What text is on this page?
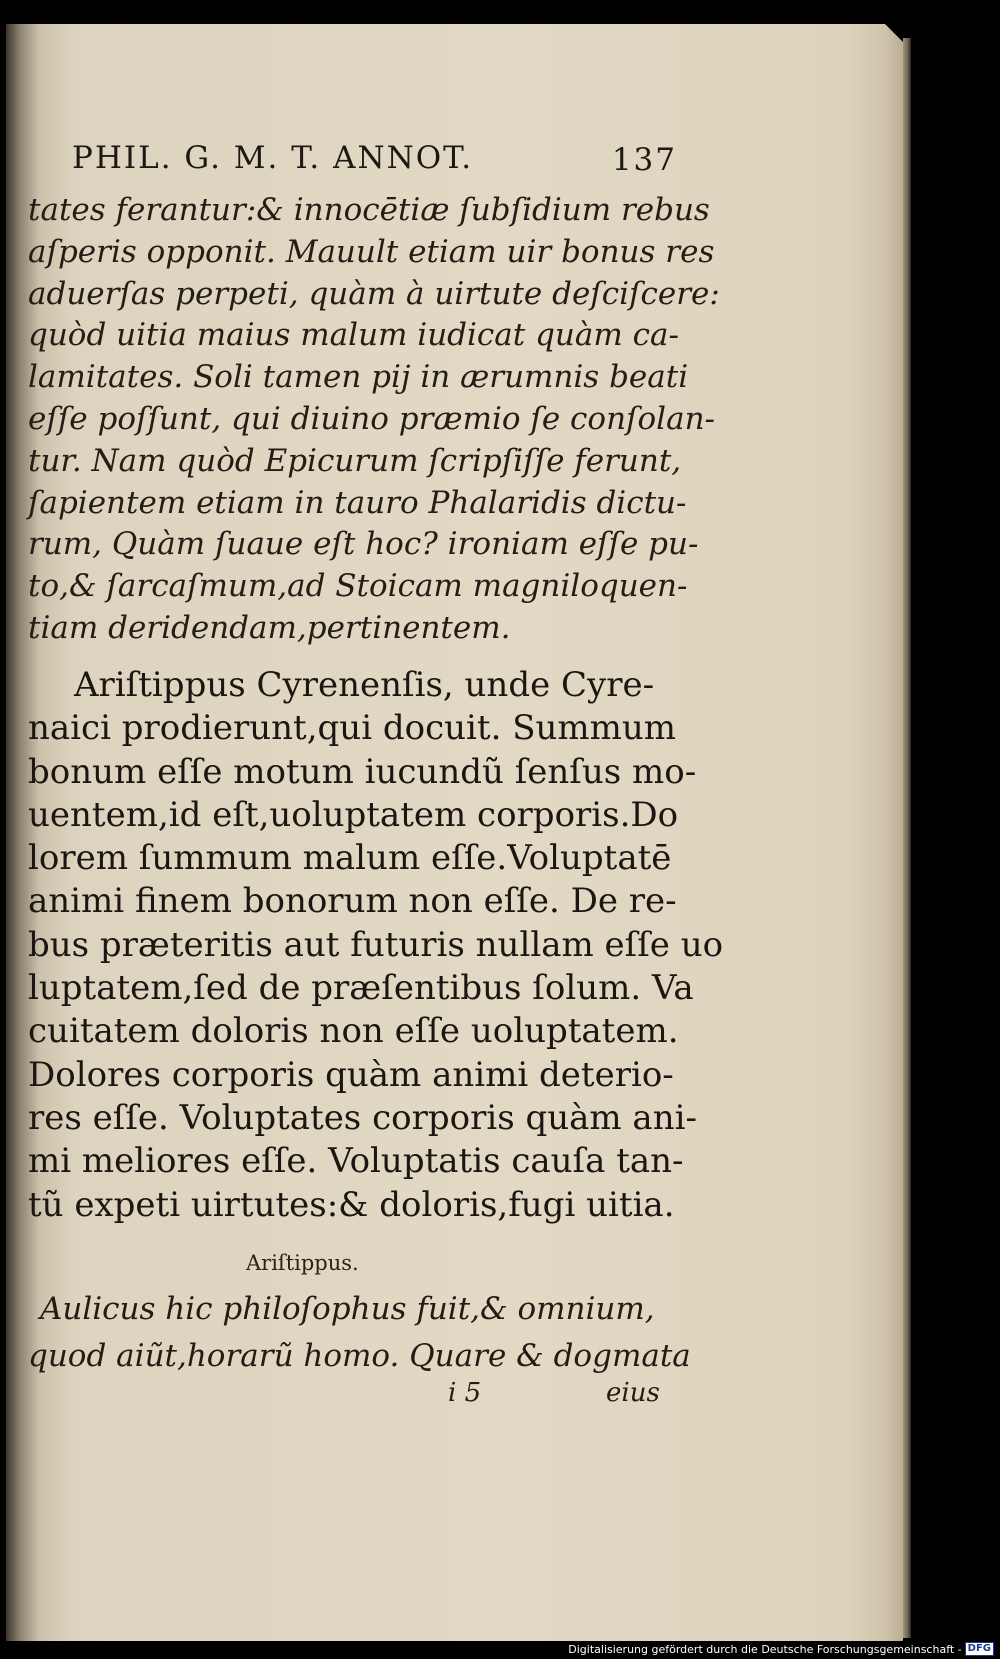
PHIL. G. M. T. ANNOT.	137
tates ferantur:& innocētiæ ſubſidium rebus
aſperis opponit. Mauult etiam uir bonus res
aduerſas perpeti, quàm à uirtute deſciſcere:
quòd uitia maius malum iudicat quàm ca-
lamitates. Soli tamen pij in ærumnis beati
eſſe poſſunt, qui diuino præmio ſe conſolan-
tur. Nam quòd Epicurum ſcripſiſſe ferunt,
ſapientem etiam in tauro Phalaridis dictu-
rum, Quàm ſuaue eſt hoc? ironiam eſſe pu-
to,& ſarcaſmum,ad Stoicam magniloquen-
tiam deridendam,pertinentem.
Ariſtippus Cyrenenſis, unde Cyre-
naici prodierunt,qui docuit. Summum
bonum eſſe motum iucundũ ſenſus mo-
uentem,id eſt,uoluptatem corporis.Do
lorem ſummum malum eſſe.Voluptatē
animi finem bonorum non eſſe. De re-
bus præteritis aut futuris nullam eſſe uo
luptatem,ſed de præſentibus ſolum. Va
cuitatem doloris non eſſe uoluptatem.
Dolores corporis quàm animi deterio-
res eſſe. Voluptates corporis quàm ani-
mi meliores eſſe. Voluptatis cauſa tan-
tũ expeti uirtutes:& doloris,fugi uitia.
Ariſtippus.
Aulicus hic philoſophus fuit,& omnium,
quod aiũt,horarũ homo. Quare & dogmata
i 5	eius
Digitalisierung gefördert durch die Deutsche Forschungsgemeinschaft - DFG
